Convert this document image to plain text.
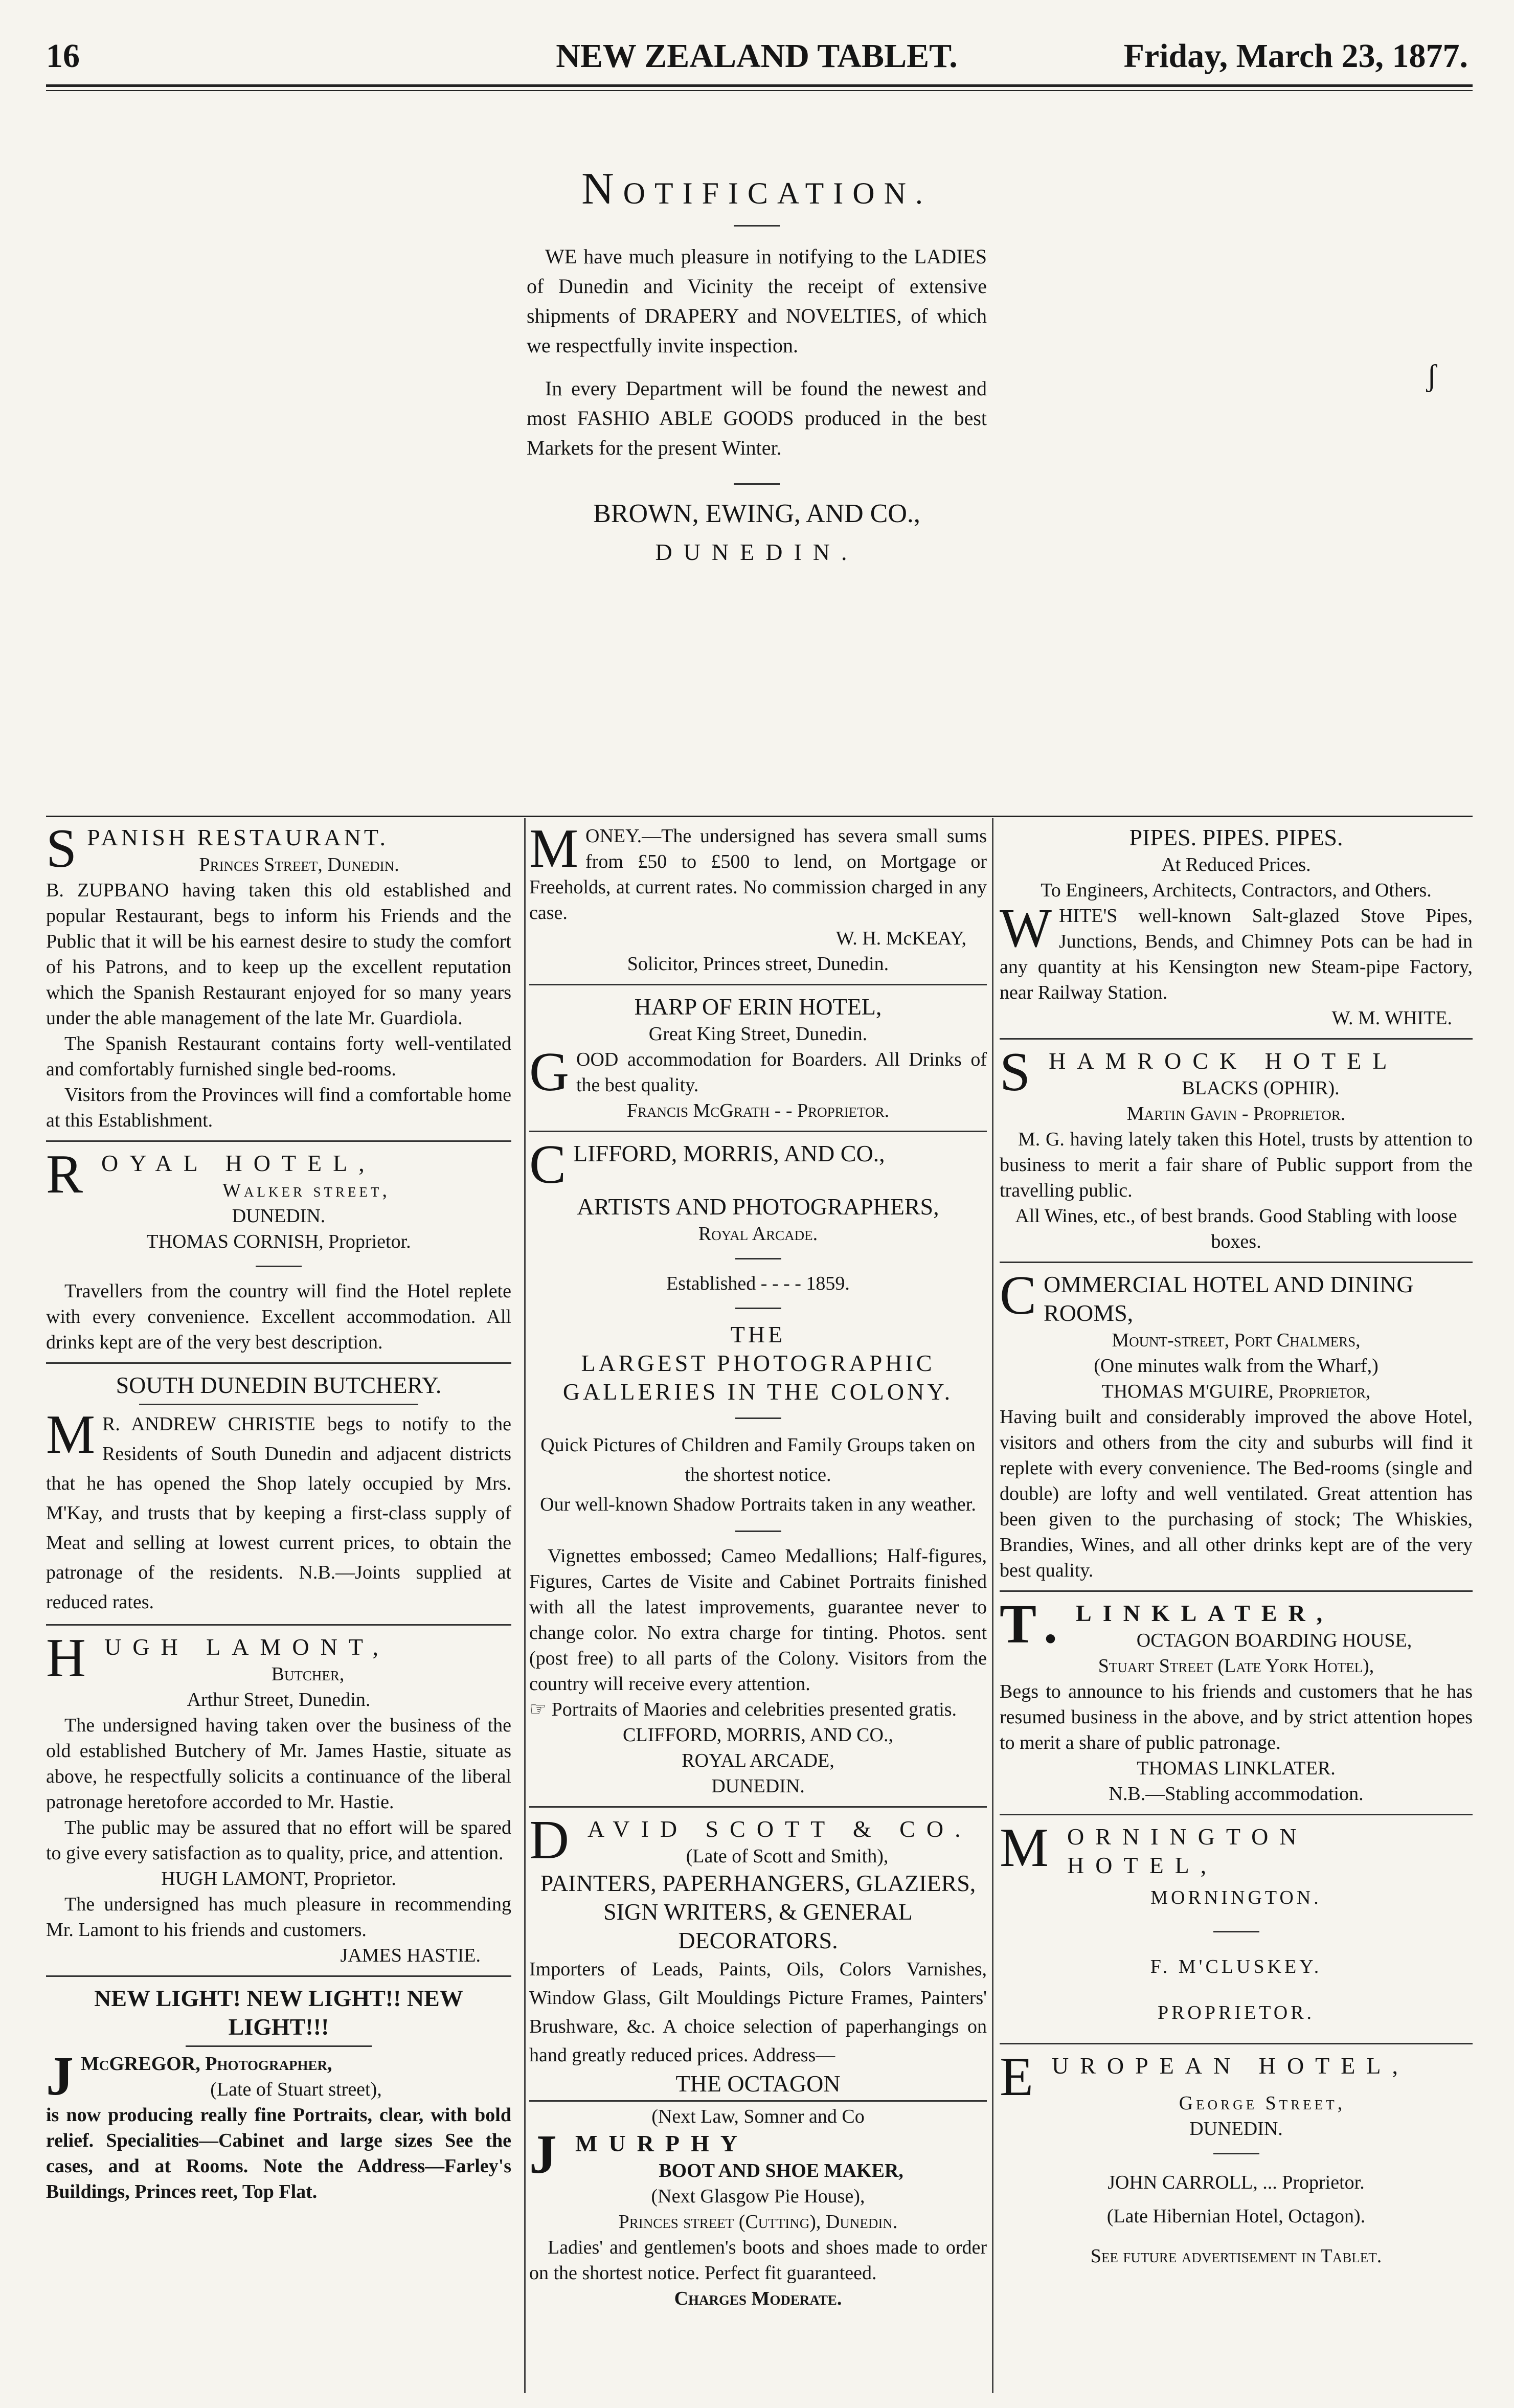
16	NEW ZEALAND TABLET.	Friday, March 23, 1877.
NOTIFICATION.

WE have much pleasure in notifying to the LADIES of Dunedin and Vicinity the receipt of extensive shipments of DRAPERY and NOVELTIES, of which we respectfully invite inspection.

In every Department will be found the newest and most FASHIO ABLE GOODS produced in the best Markets for the present Winter.

BROWN, EWING, AND CO.,
DUNEDIN.
ʃ
SPANISH RESTAURANT.
Princes Street, Dunedin.

B. ZUPBANO having taken this old established and popular Restaurant, begs to inform his Friends and the Public that it will be his earnest desire to study the comfort of his Patrons, and to keep up the excellent reputation which the Spanish Restaurant enjoyed for so many years under the able management of the late Mr. Guardiola.

The Spanish Restaurant contains forty well-ventilated and comfortably furnished single bed-rooms.

Visitors from the Provinces will find a comfortable home at this Establishment.

ROYAL HOTEL,
Walker street,
DUNEDIN.
THOMAS CORNISH, Proprietor.

Travellers from the country will find the Hotel replete with every convenience. Excellent accommodation. All drinks kept are of the very best description.

SOUTH DUNEDIN BUTCHERY.

M R. ANDREW CHRISTIE begs to notify to the Residents of South Dunedin and adjacent districts that he has opened the Shop lately occupied by Mrs. M'Kay, and trusts that by keeping a first-class supply of Meat and selling at lowest current prices, to obtain the patronage of the residents. N.B.—Joints supplied at reduced rates.

HUGH LAMONT,
Butcher,
Arthur Street, Dunedin.

The undersigned having taken over the business of the old established Butchery of Mr. James Hastie, situate as above, he respectfully solicits a continuance of the liberal patronage heretofore accorded to Mr. Hastie.

The public may be assured that no effort will be spared to give every satisfaction as to quality, price, and attention.

HUGH LAMONT, Proprietor.

The undersigned has much pleasure in recommending Mr. Lamont to his friends and customers.

JAMES HASTIE.
NEW LIGHT! NEW LIGHT!! NEW LIGHT!!!
J McGREGOR, Photographer,
(Late of Stuart street),

is now producing really fine Portraits, clear, with bold relief. Specialities—Cabinet and large sizes See the cases, and at Rooms. Note the Address—Farley's Buildings, Princes reet, Top Flat.

MONEY.—The undersigned has severa small sums from £50 to £500 to lend, on Mortgage or Freeholds, at current rates. No commission charged in any case.

W. H. McKEAY,
Solicitor, Princes street, Dunedin.
HARP OF ERIN HOTEL,
Great King Street, Dunedin.

GOOD accommodation for Boarders. All Drinks of the best quality.

Francis McGrath - - Proprietor.
CLIFFORD, MORRIS, AND CO.,
ARTISTS AND PHOTOGRAPHERS,
Royal Arcade.
Established - - - - 1859.
THE
LARGEST PHOTOGRAPHIC GALLERIES IN THE COLONY.

Quick Pictures of Children and Family Groups taken on the shortest notice.

Our well-known Shadow Portraits taken in any weather.

Vignettes embossed; Cameo Medallions; Half-figures, Figures, Cartes de Visite and Cabinet Portraits finished with all the latest improvements, guarantee never to change color. No extra charge for tinting. Photos. sent (post free) to all parts of the Colony. Visitors from the country will receive every attention.

☞ Portraits of Maories and celebrities presented gratis.

CLIFFORD, MORRIS, AND CO.,
ROYAL ARCADE,
DUNEDIN.
DAVID SCOTT & CO.
(Late of Scott and Smith),
PAINTERS, PAPERHANGERS, GLAZIERS, SIGN WRITERS, & GENERAL DECORATORS.

Importers of Leads, Paints, Oils, Colors Varnishes, Window Glass, Gilt Mouldings Picture Frames, Painters' Brushware, &c. A choice selection of paperhangings on hand greatly reduced prices. Address—

THE OCTAGON
(Next Law, Somner and Co
JMURPHY
BOOT AND SHOE MAKER,
(Next Glasgow Pie House),
Princes street (Cutting), Dunedin.

Ladies' and gentlemen's boots and shoes made to order on the shortest notice. Perfect fit guaranteed.

Charges Moderate.
PIPES. PIPES. PIPES.
At Reduced Prices.
To Engineers, Architects, Contractors, and Others.

WHITE'S well-known Salt-glazed Stove Pipes, Junctions, Bends, and Chimney Pots can be had in any quantity at his Kensington new Steam-pipe Factory, near Railway Station.

W. M. WHITE.
SHAMROCK HOTEL
BLACKS (OPHIR).
Martin Gavin - Proprietor.

M. G. having lately taken this Hotel, trusts by attention to business to merit a fair share of Public support from the travelling public.

All Wines, etc., of best brands. Good Stabling with loose boxes.

COMMERCIAL HOTEL AND DINING ROOMS,
Mount-street, Port Chalmers,
(One minutes walk from the Wharf,)
THOMAS M'GUIRE, Proprietor,

Having built and considerably improved the above Hotel, visitors and others from the city and suburbs will find it replete with every convenience. The Bed-rooms (single and double) are lofty and well ventilated. Great attention has been given to the purchasing of stock; The Whiskies, Brandies, Wines, and all other drinks kept are of the very best quality.

T. LINKLATER,
OCTAGON BOARDING HOUSE,
Stuart Street (Late York Hotel),

Begs to announce to his friends and customers that he has resumed business in the above, and by strict attention hopes to merit a share of public patronage.

THOMAS LINKLATER.
N.B.—Stabling accommodation.
MORNINGTON HOTEL,
MORNINGTON.
F. M'CLUSKEY.
PROPRIETOR.
EUROPEAN HOTEL,
George Street,
DUNEDIN.
JOHN CARROLL, ... Proprietor.
(Late Hibernian Hotel, Octagon).
See future advertisement in Tablet.
